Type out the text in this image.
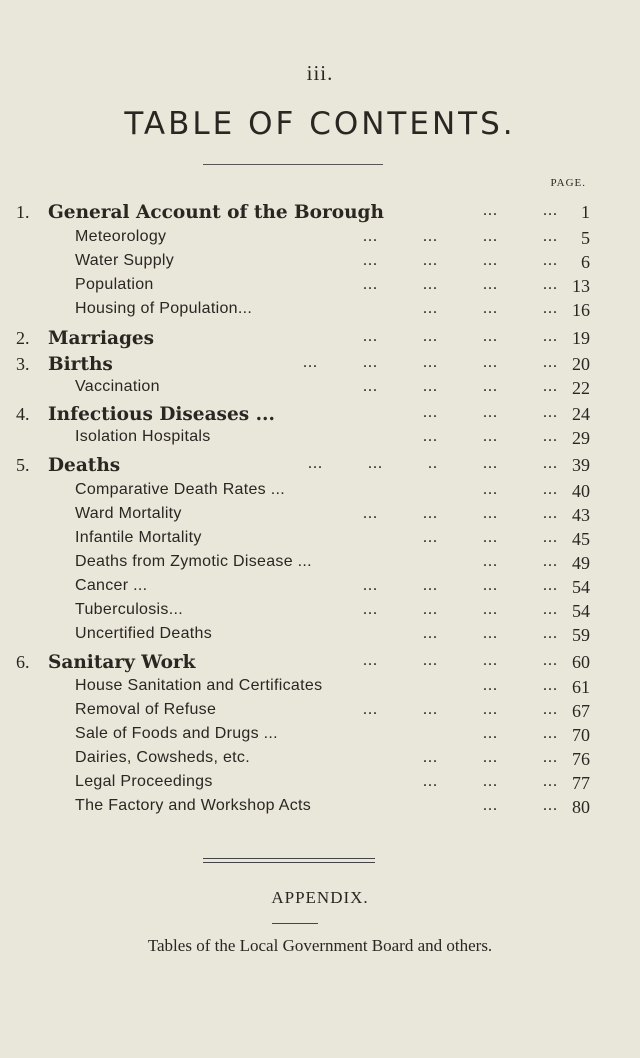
iii.
TABLE OF CONTENTS.
PAGE.
1. General Account of the Borough	...         ... 1
Meteorology	...         ...         ...         ... 5
Water Supply	...         ...         ...         ... 6
Population	...         ...         ...         ... 13
Housing of Population...	...         ...         ... 16
2. Marriages	...         ...         ...         ... 19
3. Births	...         ...         ...         ...         ... 20
Vaccination	...         ...         ...         ... 22
4. Infectious Diseases ...	...         ...         ... 24
Isolation Hospitals	...         ...         ... 29
5. Deaths	...         ...         ..         ...         ... 39
Comparative Death Rates ...	...         ... 40
Ward Mortality	...         ...         ...         ... 43
Infantile Mortality	...         ...         ... 45
Deaths from Zymotic Disease ...	...         ... 49
Cancer ...	...         ...         ...         ... 54
Tuberculosis...	...         ...         ...         ... 54
Uncertified Deaths	...         ...         ... 59
6. Sanitary Work	...         ...         ...         ... 60
House Sanitation and Certificates	...         ... 61
Removal of Refuse	...         ...         ...         ... 67
Sale of Foods and Drugs ...	...         ... 70
Dairies, Cowsheds, etc.	...         ...         ... 76
Legal Proceedings	...         ...         ... 77
The Factory and Workshop Acts	...         ... 80
APPENDIX.
Tables of the Local Government Board and others.
